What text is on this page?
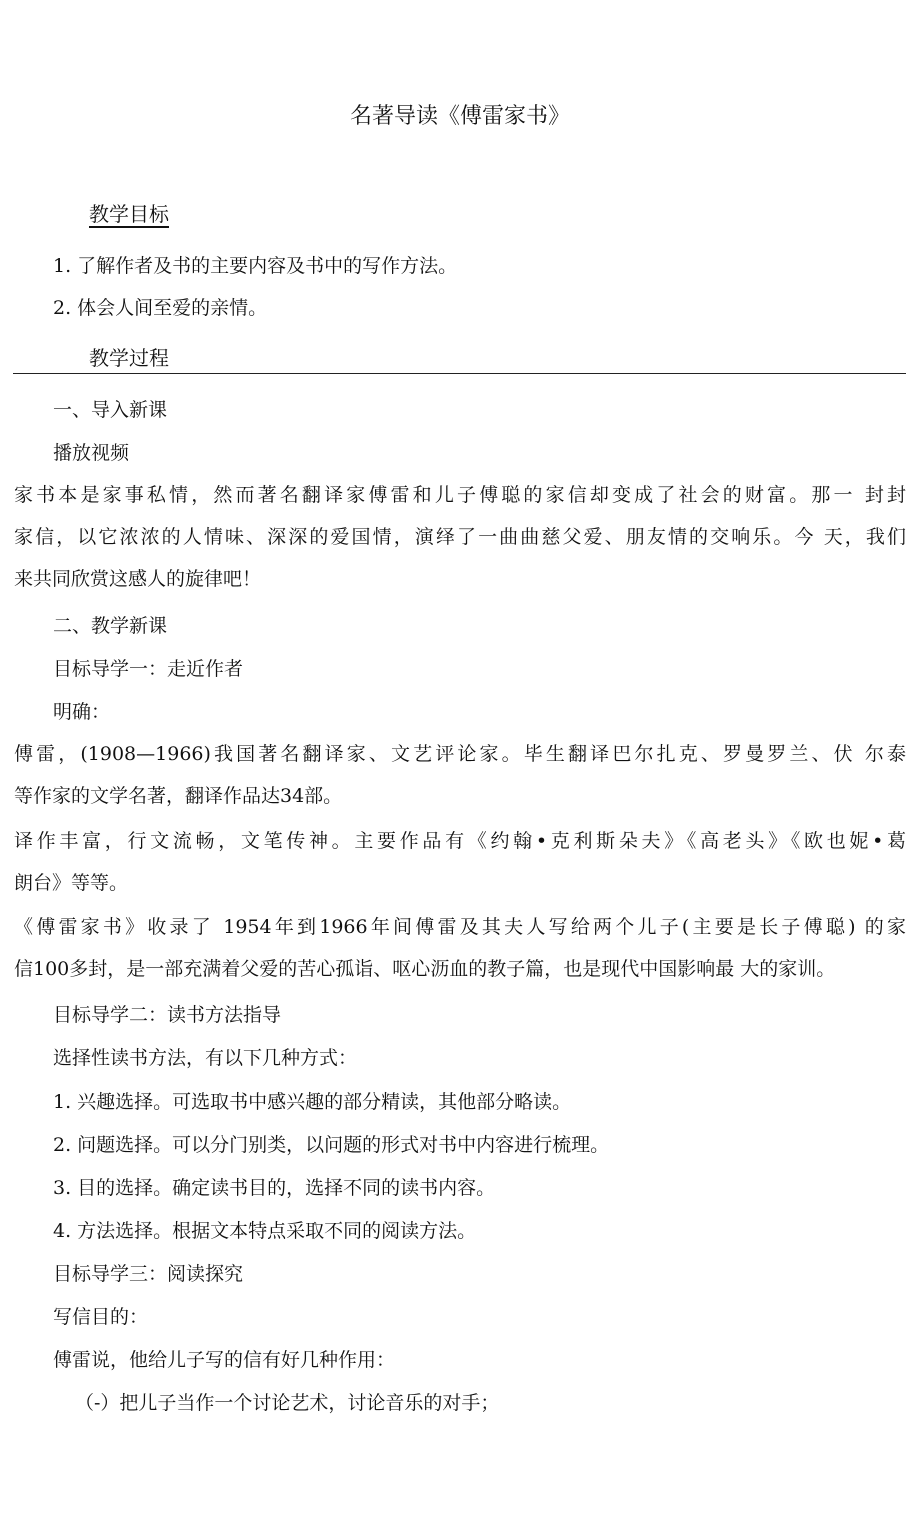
名著导读《傅雷家书》
教学目标
1. 了解作者及书的主要内容及书中的写作方法。
2. 体会人间至爱的亲情。
教学过程
一、导入新课
播放视频
家书本是家事私情，然而著名翻译家傅雷和儿子傅聪的家信却变成了社会的财富。那一 封封
家信，以它浓浓的人情味、深深的爱国情，演绎了一曲曲慈父爱、朋友情的交响乐。今 天，我们
来共同欣赏这感人的旋律吧！
二、教学新课
目标导学一：走近作者
明确：
傅雷，(1908—1966)我国著名翻译家、文艺评论家。毕生翻译巴尔扎克、罗曼罗兰、伏 尔泰
等作家的文学名著，翻译作品达34部。
译作丰富，行文流畅，文笔传神。主要作品有《约翰•克利斯朵夫》《高老头》《欧也妮•葛
朗台》等等。
《傅雷家书》收录了 1954年到1966年间傅雷及其夫人写给两个儿子(主要是长子傅聪) 的家
信100多封，是一部充满着父爱的苦心孤诣、呕心沥血的教子篇，也是现代中国影响最 大的家训。
目标导学二：读书方法指导
选择性读书方法，有以下几种方式：
1. 兴趣选择。可选取书中感兴趣的部分精读，其他部分略读。
2. 问题选择。可以分门别类，以问题的形式对书中内容进行梳理。
3. 目的选择。确定读书目的，选择不同的读书内容。
4. 方法选择。根据文本特点采取不同的阅读方法。
目标导学三：阅读探究
写信目的：
傅雷说，他给儿子写的信有好几种作用：
（-）把儿子当作一个讨论艺术，讨论音乐的对手；
